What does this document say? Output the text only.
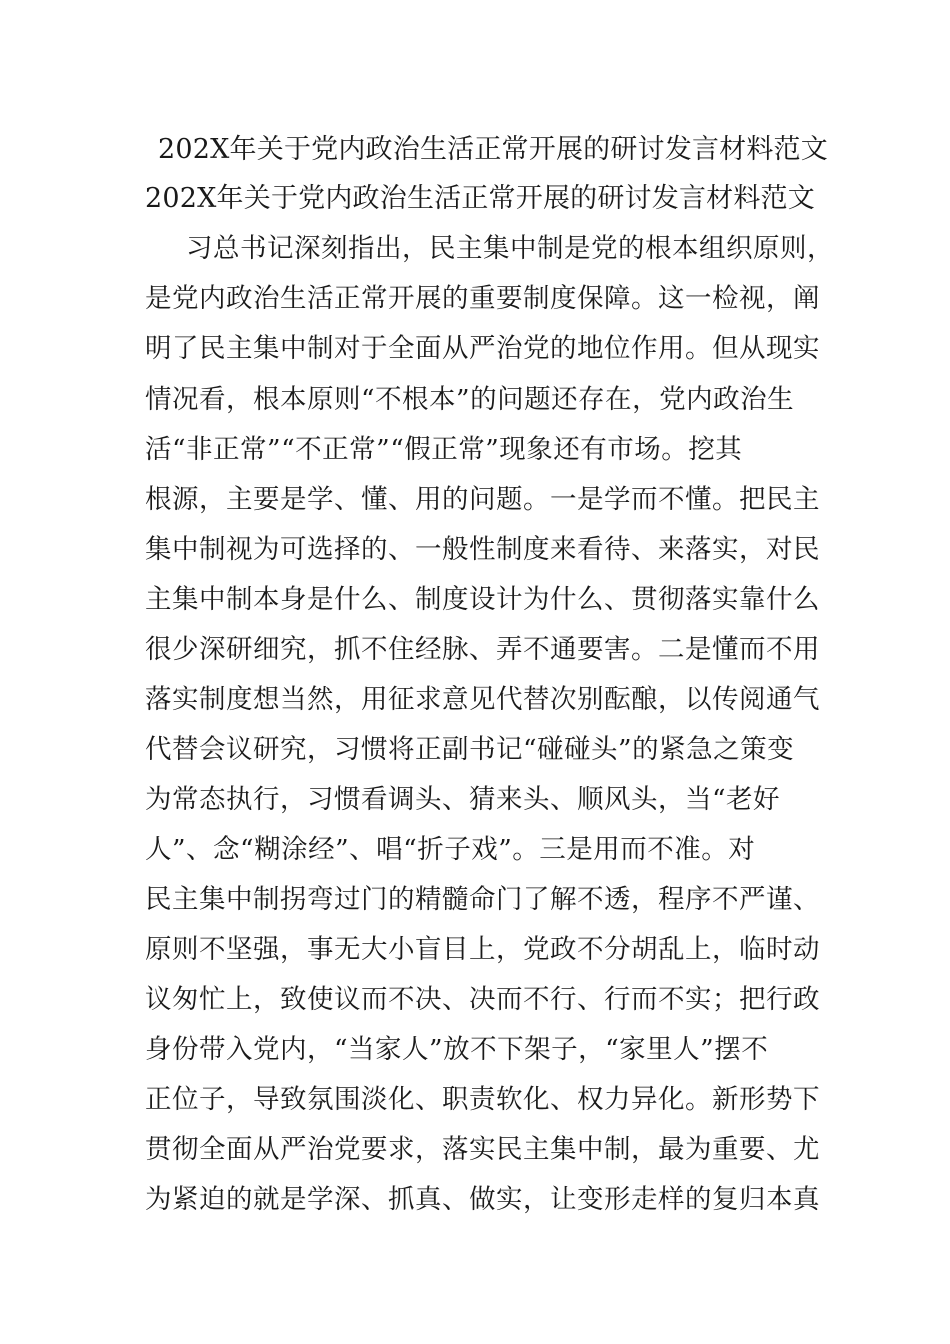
202X年关于党内政治生活正常开展的研讨发言材料范文
202X年关于党内政治生活正常开展的研讨发言材料范文
习总书记深刻指出，民主集中制是党的根本组织原则，
是党内政治生活正常开展的重要制度保障。这一检视，阐
明了民主集中制对于全面从严治党的地位作用。但从现实
情况看，根本原则“不根本”的问题还存在，党内政治生
活“非正常”“不正常”“假正常”现象还有市场。挖其
根源，主要是学、懂、用的问题。一是学而不懂。把民主
集中制视为可选择的、一般性制度来看待、来落实，对民
主集中制本身是什么、制度设计为什么、贯彻落实靠什么
很少深研细究，抓不住经脉、弄不通要害。二是懂而不用
落实制度想当然，用征求意见代替次别酝酿，以传阅通气
代替会议研究，习惯将正副书记“碰碰头”的紧急之策变
为常态执行，习惯看调头、猜来头、顺风头，当“老好
人”、念“糊涂经”、唱“折子戏”。三是用而不准。对
民主集中制拐弯过门的精髓命门了解不透，程序不严谨、
原则不坚强，事无大小盲目上，党政不分胡乱上，临时动
议匆忙上，致使议而不决、决而不行、行而不实；把行政
身份带入党内，“当家人”放不下架子，“家里人”摆不
正位子，导致氛围淡化、职责软化、权力异化。新形势下
贯彻全面从严治党要求，落实民主集中制，最为重要、尤
为紧迫的就是学深、抓真、做实，让变形走样的复归本真
